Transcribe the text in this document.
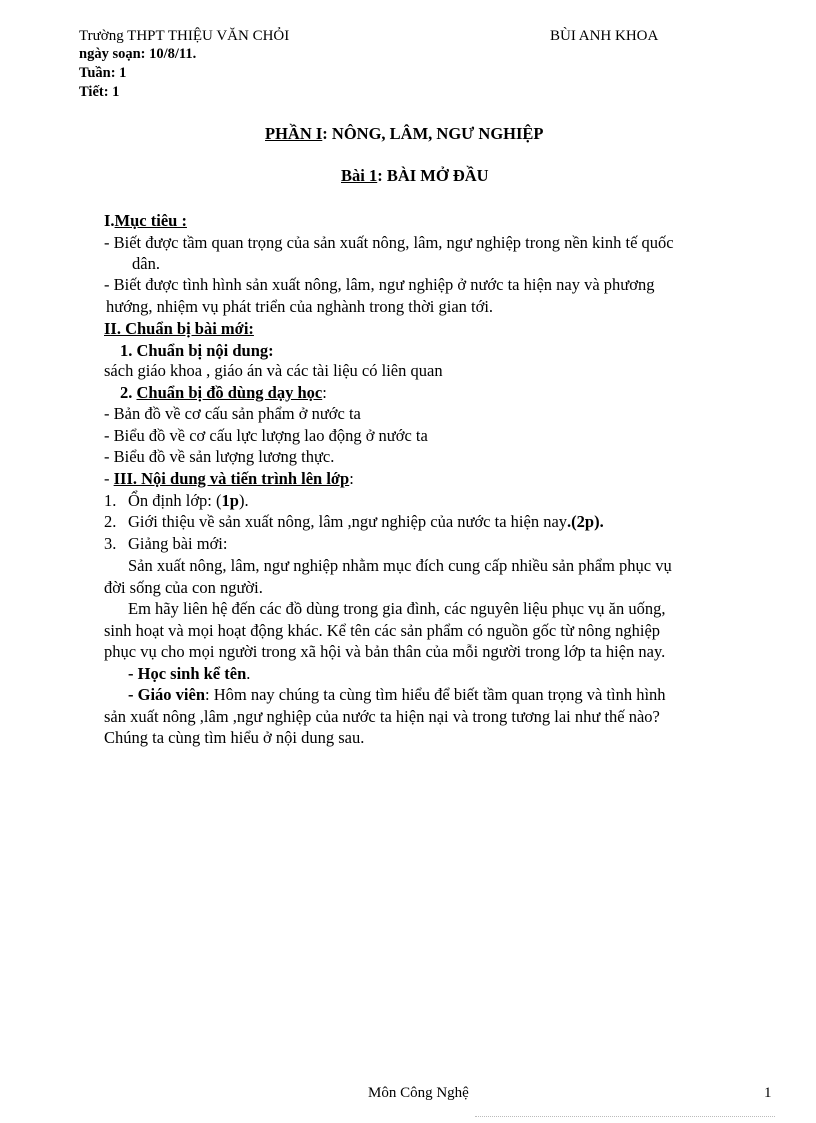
Trường THPT THIỆU VĂN CHỎI	BÙI ANH KHOA
ngày soạn: 10/8/11.
Tuần: 1
Tiết: 1
PHẦN I: NÔNG, LÂM, NGƯ NGHIỆP
Bài 1: BÀI MỞ ĐẦU
I.Mục tiêu :
- Biết được tầm quan trọng của sản xuất nông, lâm, ngư nghiệp trong nền kinh tế quốc
dân.
- Biết được tình hình sản xuất nông, lâm, ngư nghiệp ở nước ta hiện nay và phương
hướng, nhiệm vụ phát triển của nghành trong thời gian tới.
II. Chuẩn bị bài mới:
1. Chuẩn bị nội dung:
sách giáo khoa , giáo án và các tài liệu có liên quan
2. Chuẩn bị đồ dùng dạy học:
- Bản đồ về cơ cấu sản phẩm ở nước ta
- Biểu đồ về cơ cấu lực lượng lao động ở nước ta
- Biểu đồ về sản lượng lương thực.
- III. Nội dung và tiến trình lên lớp:
1. Ổn định lớp: (1p).
2. Giới thiệu về sản xuất nông, lâm ,ngư nghiệp của nước ta hiện nay.(2p).
3. Giảng bài mới:
Sản xuất nông, lâm, ngư nghiệp nhằm mục đích cung cấp nhiều sản phẩm phục vụ
đời sống của con người.
Em hãy liên hệ đến các đồ dùng trong gia đình, các nguyên liệu phục vụ ăn uống,
sinh hoạt và mọi hoạt động khác. Kể tên các sản phẩm có nguồn gốc từ nông nghiệp
phục vụ cho mọi người trong xã hội và bản thân của mỗi người trong lớp ta hiện nay.
- Học sinh kể tên.
- Giáo viên: Hôm nay chúng ta cùng tìm hiểu để biết tầm quan trọng và tình hình
sản xuất nông ,lâm ,ngư nghiệp của nước ta hiện nại và trong tương lai như thế nào?
Chúng ta cùng tìm hiểu ở nội dung sau.
Môn Công Nghệ	1
